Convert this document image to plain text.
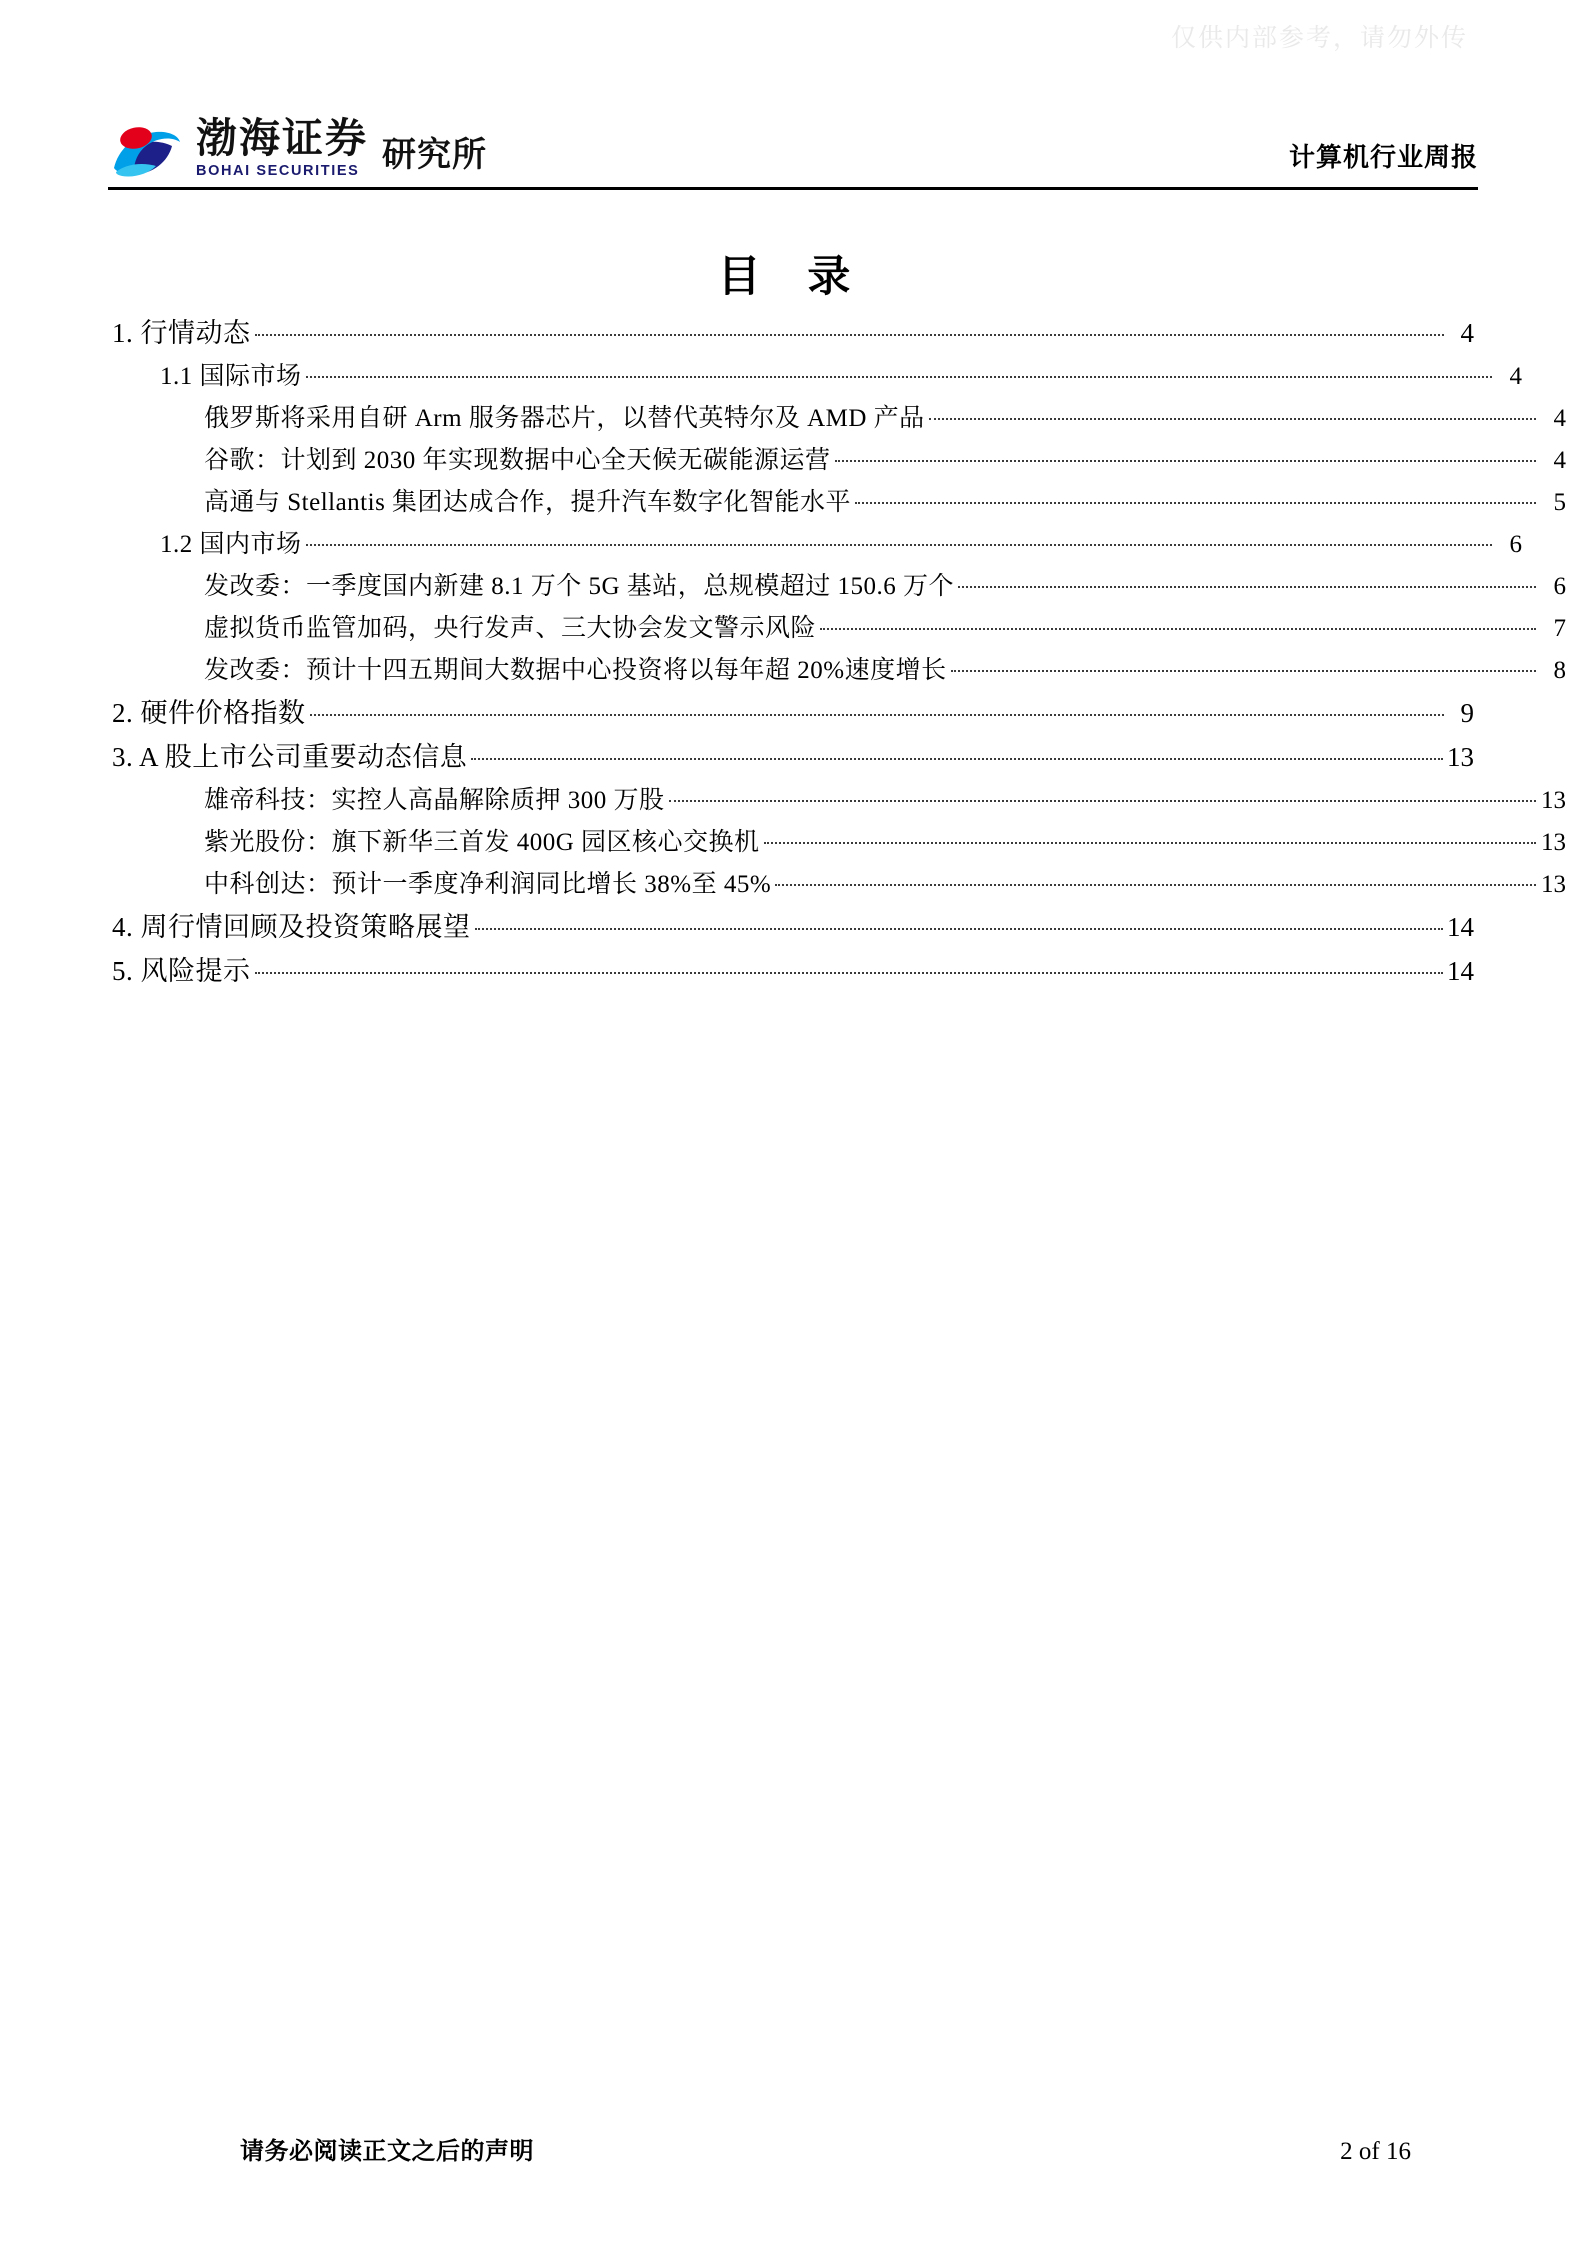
仅供内部参考，请勿外传
渤海证券
BOHAI SECURITIES 研究所	计算机行业周报
目 录
1. 行情动态	4
1.1 国际市场	4
俄罗斯将采用自研 Arm 服务器芯片，以替代英特尔及 AMD 产品	4
谷歌：计划到 2030 年实现数据中心全天候无碳能源运营	4
高通与 Stellantis 集团达成合作，提升汽车数字化智能水平	5
1.2 国内市场	6
发改委：一季度国内新建 8.1 万个 5G 基站，总规模超过 150.6 万个	6
虚拟货币监管加码，央行发声、三大协会发文警示风险	7
发改委：预计十四五期间大数据中心投资将以每年超 20%速度增长	8
2. 硬件价格指数	9
3. A 股上市公司重要动态信息	13
雄帝科技：实控人高晶解除质押 300 万股	13
紫光股份：旗下新华三首发 400G 园区核心交换机	13
中科创达：预计一季度净利润同比增长 38%至 45%	13
4. 周行情回顾及投资策略展望	14
5. 风险提示	14
请务必阅读正文之后的声明	2 of 16
